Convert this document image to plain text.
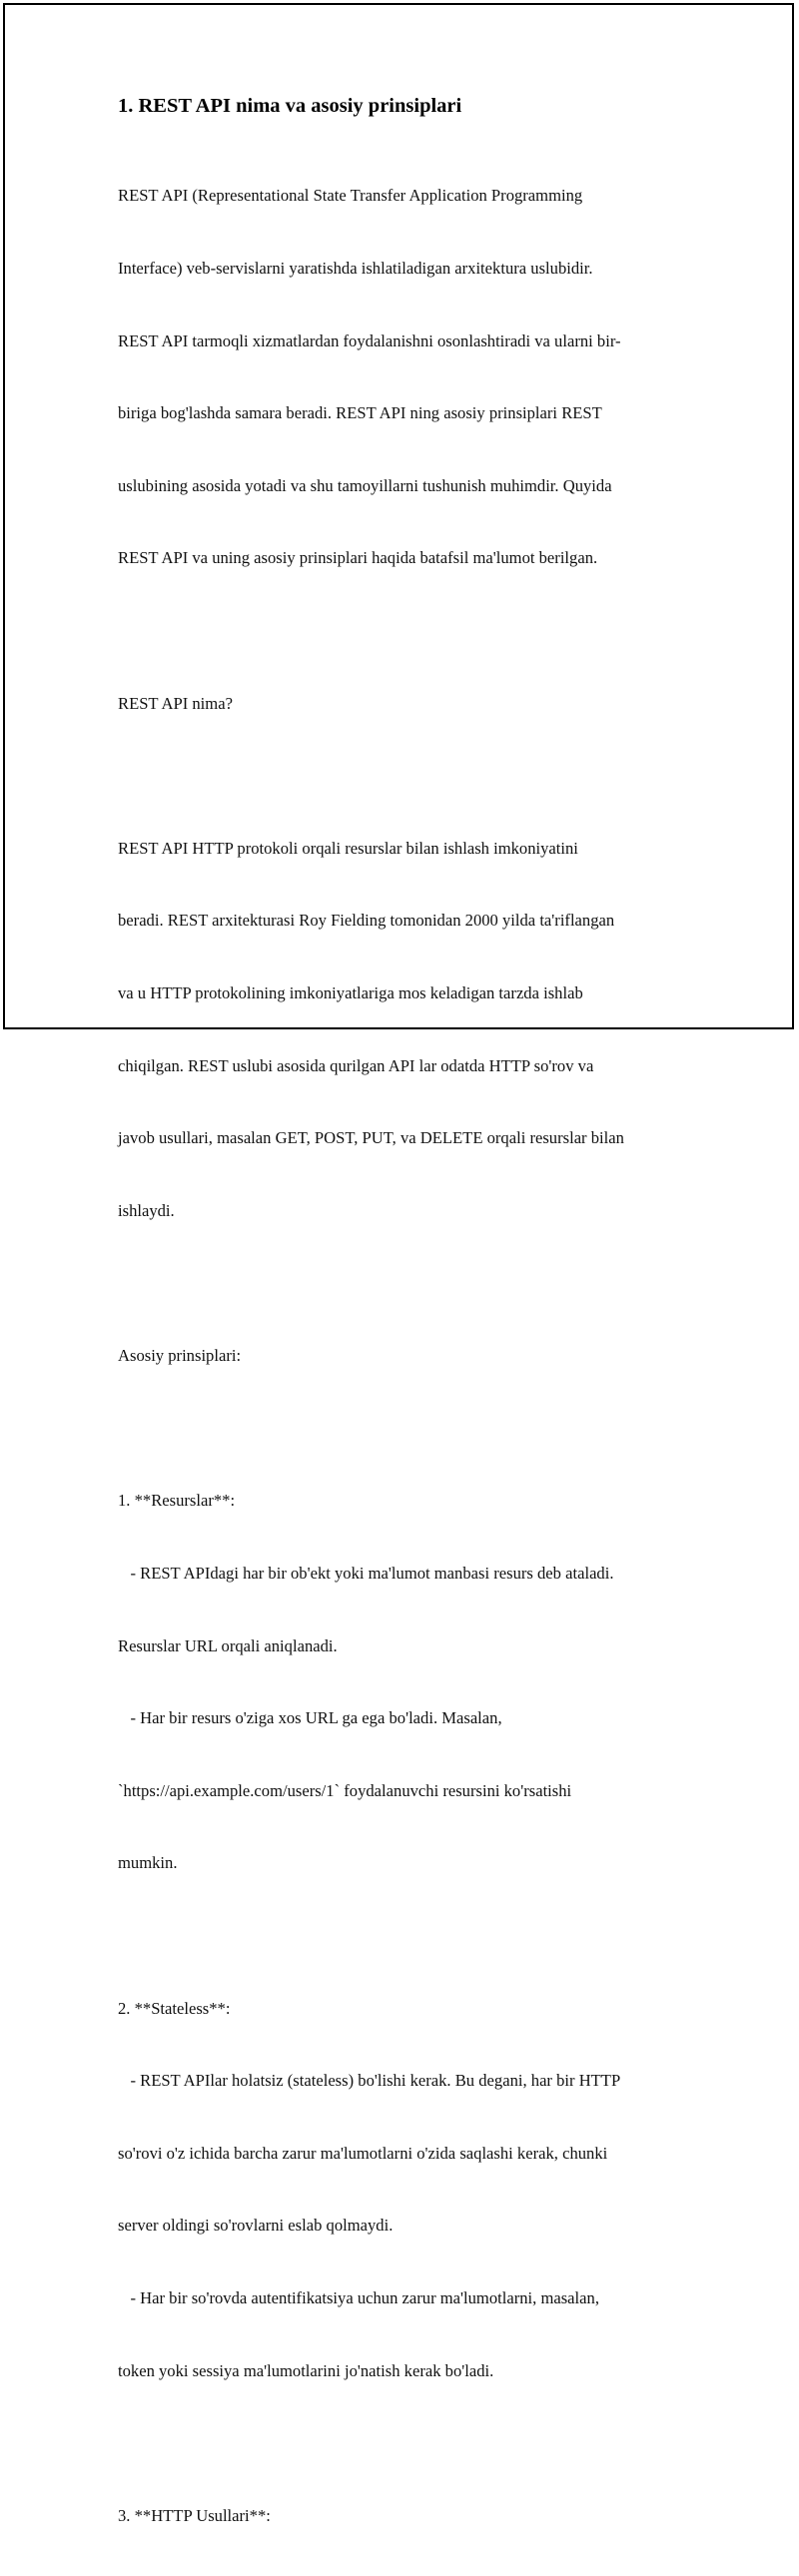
1. REST API nima va asosiy prinsiplari

REST API (Representational State Transfer Application Programming

Interface) veb-servislarni yaratishda ishlatiladigan arxitektura uslubidir.

REST API tarmoqli xizmatlardan foydalanishni osonlashtiradi va ularni bir-

biriga bog'lashda samara beradi. REST API ning asosiy prinsiplari REST

uslubining asosida yotadi va shu tamoyillarni tushunish muhimdir. Quyida

REST API va uning asosiy prinsiplari haqida batafsil ma'lumot berilgan.

REST API nima?

REST API HTTP protokoli orqali resurslar bilan ishlash imkoniyatini

beradi. REST arxitekturasi Roy Fielding tomonidan 2000 yilda ta'riflangan

va u HTTP protokolining imkoniyatlariga mos keladigan tarzda ishlab

chiqilgan. REST uslubi asosida qurilgan API lar odatda HTTP so'rov va

javob usullari, masalan GET, POST, PUT, va DELETE orqali resurslar bilan

ishlaydi.

Asosiy prinsiplari:

1. **Resurslar**:

- REST APIdagi har bir ob'ekt yoki ma'lumot manbasi resurs deb ataladi.

Resurslar URL orqali aniqlanadi.

- Har bir resurs o'ziga xos URL ga ega bo'ladi. Masalan,

`https://api.example.com/users/1` foydalanuvchi resursini ko'rsatishi

mumkin.

2. **Stateless**:

- REST APIlar holatsiz (stateless) bo'lishi kerak. Bu degani, har bir HTTP

so'rovi o'z ichida barcha zarur ma'lumotlarni o'zida saqlashi kerak, chunki

server oldingi so'rovlarni eslab qolmaydi.

- Har bir so'rovda autentifikatsiya uchun zarur ma'lumotlarni, masalan,

token yoki sessiya ma'lumotlarini jo'natish kerak bo'ladi.

3. **HTTP Usullari**:
